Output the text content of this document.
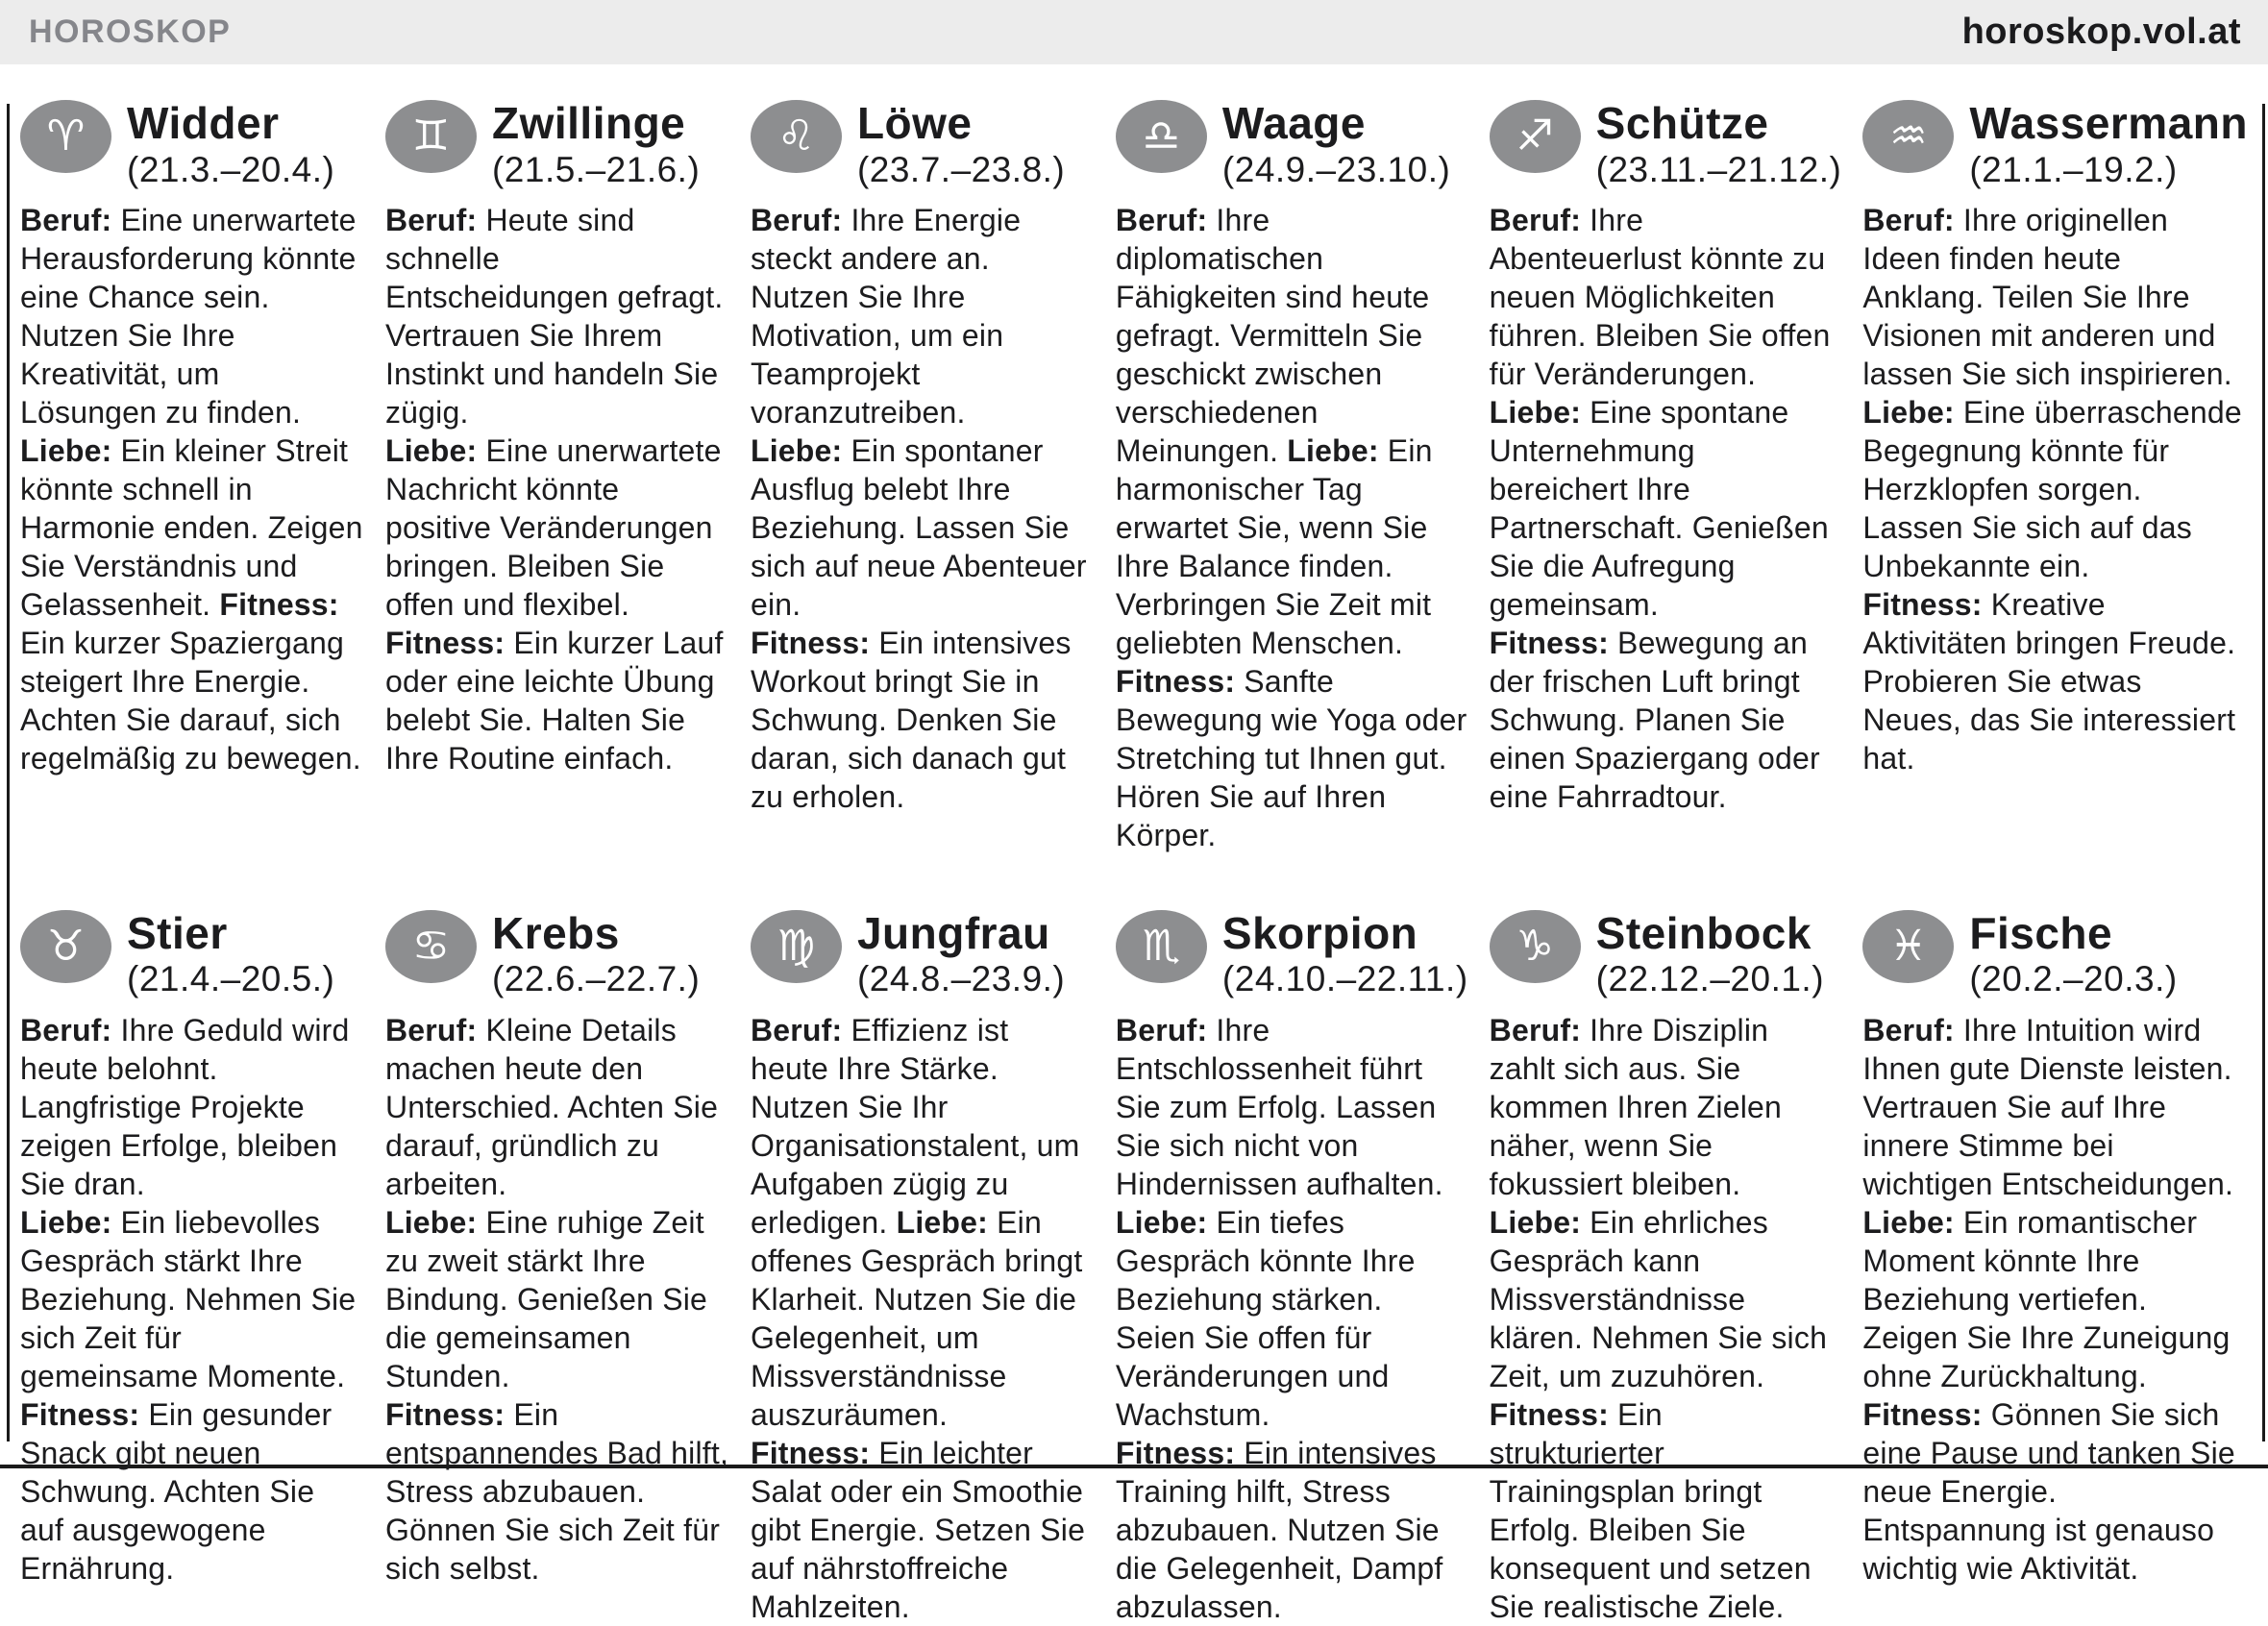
HOROSKOP	horoskop.vol.at
♈ Widder
(21.3.–20.4.)
Beruf: Eine unerwartete Herausforderung könnte eine Chance sein. Nutzen Sie Ihre Kreativität, um Lösungen zu finden.
Liebe: Ein kleiner Streit könnte schnell in Harmonie enden. Zeigen Sie Verständnis und Gelassenheit. Fitness: Ein kurzer Spaziergang steigert Ihre Energie. Achten Sie darauf, sich regelmäßig zu bewegen.
♊ Zwillinge
(21.5.–21.6.)
Beruf: Heute sind schnelle Entscheidungen gefragt. Vertrauen Sie Ihrem Instinkt und handeln Sie zügig.
Liebe: Eine unerwartete Nachricht könnte positive Veränderungen bringen. Bleiben Sie offen und flexibel.
Fitness: Ein kurzer Lauf oder eine leichte Übung belebt Sie. Halten Sie Ihre Routine einfach.
♌ Löwe
(23.7.–23.8.)
Beruf: Ihre Energie steckt andere an. Nutzen Sie Ihre Motivation, um ein Teamprojekt voranzutreiben.
Liebe: Ein spontaner Ausflug belebt Ihre Beziehung. Lassen Sie sich auf neue Abenteuer ein.
Fitness: Ein intensives Workout bringt Sie in Schwung. Denken Sie daran, sich danach gut zu erholen.
♎ Waage
(24.9.–23.10.)
Beruf: Ihre diplomatischen Fähigkeiten sind heute gefragt. Vermitteln Sie geschickt zwischen verschiedenen Meinungen. Liebe: Ein harmonischer Tag erwartet Sie, wenn Sie Ihre Balance finden. Verbringen Sie Zeit mit geliebten Menschen.
Fitness: Sanfte Bewegung wie Yoga oder Stretching tut Ihnen gut. Hören Sie auf Ihren Körper.
♐ Schütze
(23.11.–21.12.)
Beruf: Ihre Abenteuerlust könnte zu neuen Möglichkeiten führen. Bleiben Sie offen für Veränderungen. Liebe: Eine spontane Unternehmung bereichert Ihre Partnerschaft. Genießen Sie die Aufregung gemeinsam.
Fitness: Bewegung an der frischen Luft bringt Schwung. Planen Sie einen Spaziergang oder eine Fahrradtour.
♒ Wassermann
(21.1.–19.2.)
Beruf: Ihre originellen Ideen finden heute Anklang. Teilen Sie Ihre Visionen mit anderen und lassen Sie sich inspirieren. Liebe: Eine überraschende Begegnung könnte für Herzklopfen sorgen. Lassen Sie sich auf das Unbekannte ein.
Fitness: Kreative Aktivitäten bringen Freude. Probieren Sie etwas Neues, das Sie interessiert hat.
♉ Stier
(21.4.–20.5.)
Beruf: Ihre Geduld wird heute belohnt. Langfristige Projekte zeigen Erfolge, bleiben Sie dran.
Liebe: Ein liebevolles Gespräch stärkt Ihre Beziehung. Nehmen Sie sich Zeit für gemeinsame Momente.
Fitness: Ein gesunder Snack gibt neuen Schwung. Achten Sie auf ausgewogene Ernährung.
♋ Krebs
(22.6.–22.7.)
Beruf: Kleine Details machen heute den Unterschied. Achten Sie darauf, gründlich zu arbeiten.
Liebe: Eine ruhige Zeit zu zweit stärkt Ihre Bindung. Genießen Sie die gemeinsamen Stunden.
Fitness: Ein entspannendes Bad hilft, Stress abzubauen. Gönnen Sie sich Zeit für sich selbst.
♍ Jungfrau
(24.8.–23.9.)
Beruf: Effizienz ist heute Ihre Stärke. Nutzen Sie Ihr Organisationstalent, um Aufgaben zügig zu erledigen. Liebe: Ein offenes Gespräch bringt Klarheit. Nutzen Sie die Gelegenheit, um Missverständnisse auszuräumen.
Fitness: Ein leichter Salat oder ein Smoothie gibt Energie. Setzen Sie auf nährstoffreiche Mahlzeiten.
♏ Skorpion
(24.10.–22.11.)
Beruf: Ihre Entschlossenheit führt Sie zum Erfolg. Lassen Sie sich nicht von Hindernissen aufhalten.
Liebe: Ein tiefes Gespräch könnte Ihre Beziehung stärken. Seien Sie offen für Veränderungen und Wachstum.
Fitness: Ein intensives Training hilft, Stress abzubauen. Nutzen Sie die Gelegenheit, Dampf abzulassen.
♑ Steinbock
(22.12.–20.1.)
Beruf: Ihre Disziplin zahlt sich aus. Sie kommen Ihren Zielen näher, wenn Sie fokussiert bleiben.
Liebe: Ein ehrliches Gespräch kann Missverständnisse klären. Nehmen Sie sich Zeit, um zuzuhören.
Fitness: Ein strukturierter Trainingsplan bringt Erfolg. Bleiben Sie konsequent und setzen Sie realistische Ziele.
♓ Fische
(20.2.–20.3.)
Beruf: Ihre Intuition wird Ihnen gute Dienste leisten. Vertrauen Sie auf Ihre innere Stimme bei wichtigen Entscheidungen. Liebe: Ein romantischer Moment könnte Ihre Beziehung vertiefen. Zeigen Sie Ihre Zuneigung ohne Zurückhaltung. Fitness: Gönnen Sie sich eine Pause und tanken Sie neue Energie. Entspannung ist genauso wichtig wie Aktivität.
